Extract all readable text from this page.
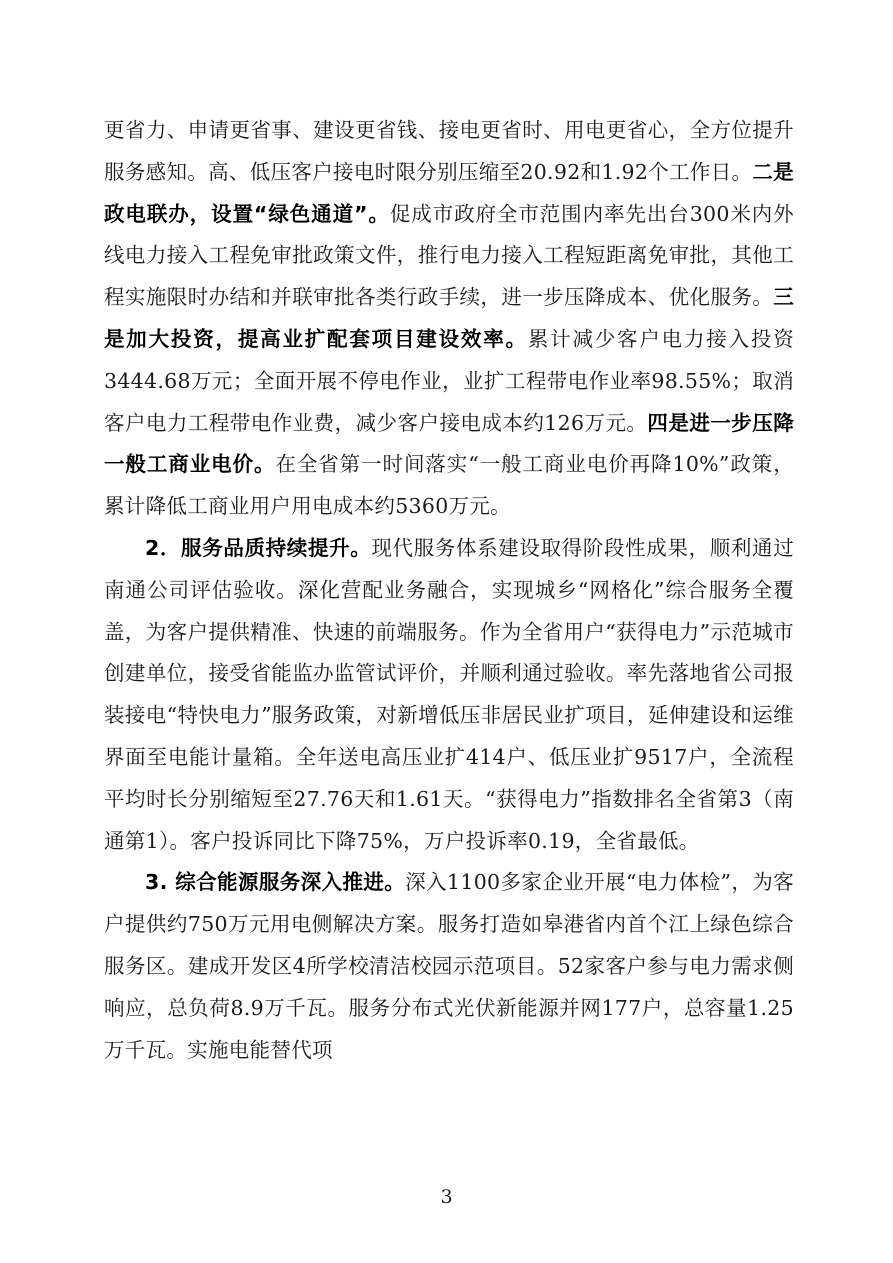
更省力、申请更省事、建设更省钱、接电更省时、用电更省心，全方位提升服务感知。高、低压客户接电时限分别压缩至20.92和1.92个工作日。二是政电联办，设置“绿色通道”。促成市政府全市范围内率先出台300米内外线电力接入工程免审批政策文件，推行电力接入工程短距离免审批，其他工程实施限时办结和并联审批各类行政手续，进一步压降成本、优化服务。三是加大投资，提高业扩配套项目建设效率。累计减少客户电力接入投资3444.68万元；全面开展不停电作业，业扩工程带电作业率98.55%；取消客户电力工程带电作业费，减少客户接电成本约126万元。四是进一步压降一般工商业电价。在全省第一时间落实“一般工商业电价再降10%”政策，累计降低工商业用户用电成本约5360万元。

2．服务品质持续提升。现代服务体系建设取得阶段性成果，顺利通过南通公司评估验收。深化营配业务融合，实现城乡“网格化”综合服务全覆盖，为客户提供精准、快速的前端服务。作为全省用户“获得电力”示范城市创建单位，接受省能监办监管试评价，并顺利通过验收。率先落地省公司报装接电“特快电力”服务政策，对新增低压非居民业扩项目，延伸建设和运维界面至电能计量箱。全年送电高压业扩414户、低压业扩9517户，全流程平均时长分别缩短至27.76天和1.61天。“获得电力”指数排名全省第3（南通第1）。客户投诉同比下降75%，万户投诉率0.19，全省最低。

3. 综合能源服务深入推进。深入1100多家企业开展“电力体检”，为客户提供约750万元用电侧解决方案。服务打造如皋港省内首个江上绿色综合服务区。建成开发区4所学校清洁校园示范项目。52家客户参与电力需求侧响应，总负荷8.9万千瓦。服务分布式光伏新能源并网177户，总容量1.25万千瓦。实施电能替代项

3
